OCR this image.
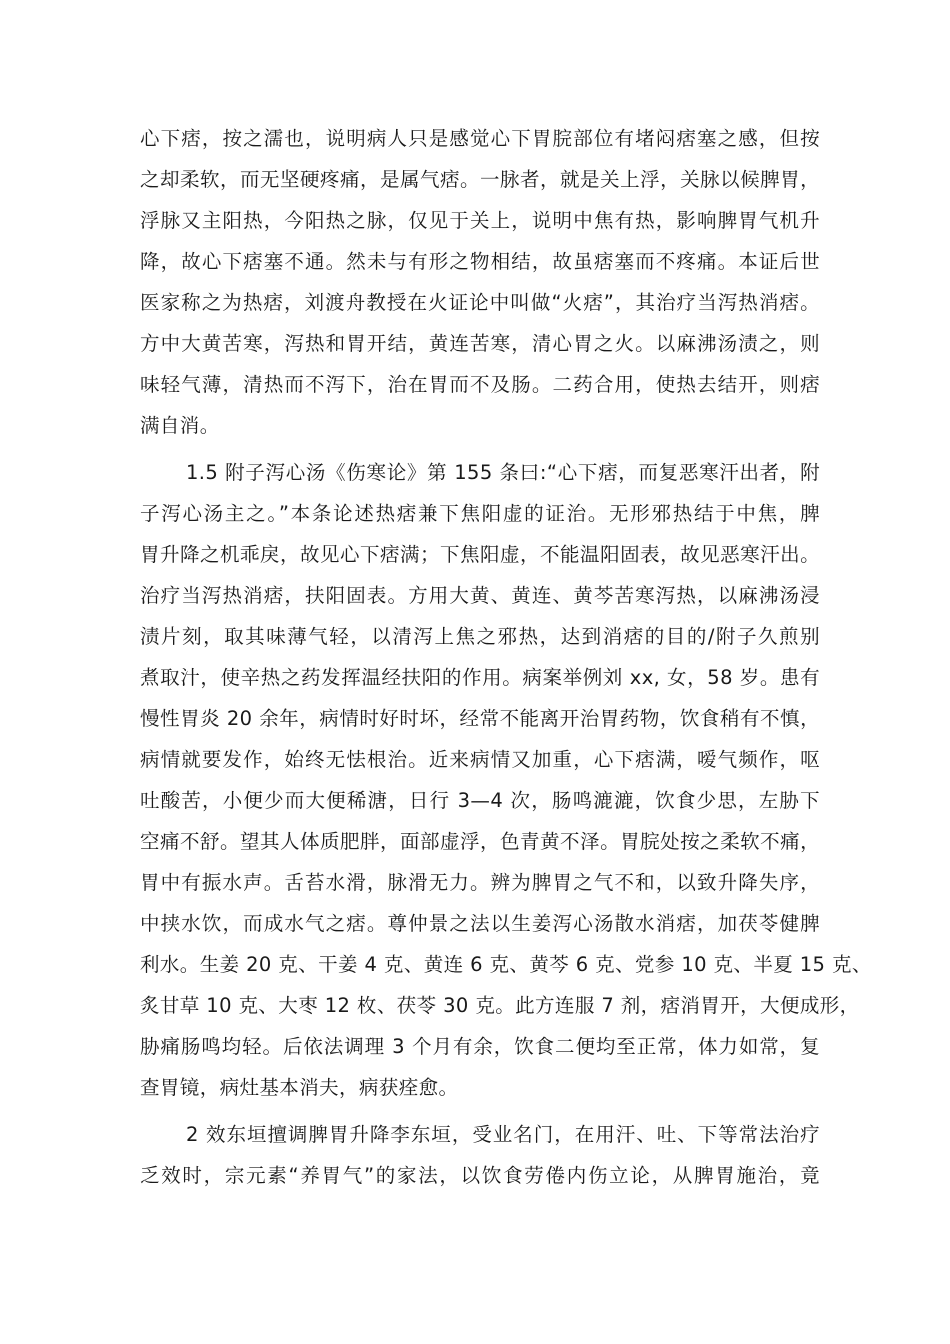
心下痞，按之濡也，说明病人只是感觉心下胃脘部位有堵闷痞塞之感，但按
之却柔软，而无坚硬疼痛，是属气痞。一脉者，就是关上浮，关脉以候脾胃，
浮脉又主阳热，今阳热之脉，仅见于关上，说明中焦有热，影响脾胃气机升
降，故心下痞塞不通。然未与有形之物相结，故虽痞塞而不疼痛。本证后世
医家称之为热痞，刘渡舟教授在火证论中叫做“火痞”，其治疗当泻热消痞。
方中大黄苦寒，泻热和胃开结，黄连苦寒，清心胃之火。以麻沸汤渍之，则
味轻气薄，清热而不泻下，治在胃而不及肠。二药合用，使热去结开，则痞
满自消。
1.5 附子泻心汤《伤寒论》第 155 条曰:“心下痞，而复恶寒汗出者，附
子泻心汤主之。”本条论述热痞兼下焦阳虚的证治。无形邪热结于中焦，脾
胃升降之机乖戾，故见心下痞满；下焦阳虚，不能温阳固表，故见恶寒汗出。
治疗当泻热消痞，扶阳固表。方用大黄、黄连、黄芩苦寒泻热，以麻沸汤浸
渍片刻，取其味薄气轻，以清泻上焦之邪热，达到消痞的目的/附子久煎别
煮取汁，使辛热之药发挥温经扶阳的作用。病案举例刘 xx, 女，58 岁。患有
慢性胃炎 20 余年，病情时好时坏，经常不能离开治胃药物，饮食稍有不慎，
病情就要发作，始终无怯根治。近来病情又加重，心下痞满，嗳气频作，呕
吐酸苦，小便少而大便稀溏，日行 3—4 次，肠鸣漉漉，饮食少思，左胁下
空痛不舒。望其人体质肥胖，面部虚浮，色青黄不泽。胃脘处按之柔软不痛，
胃中有振水声。舌苔水滑，脉滑无力。辨为脾胃之气不和，以致升降失序，
中挟水饮，而成水气之痞。尊仲景之法以生姜泻心汤散水消痞，加茯苓健脾
利水。生姜 20 克、干姜 4 克、黄连 6 克、黄芩 6 克、党参 10 克、半夏 15 克、
炙甘草 10 克、大枣 12 枚、茯苓 30 克。此方连服 7 剂，痞消胃开，大便成形，
胁痛肠鸣均轻。后依法调理 3 个月有余，饮食二便均至正常，体力如常，复
查胃镜，病灶基本消夫，病获痊愈。
2 效东垣擅调脾胃升降李东垣，受业名门，在用汗、吐、下等常法治疗
乏效时，宗元素“养胃气”的家法，以饮食劳倦内伤立论，从脾胃施治，竟
